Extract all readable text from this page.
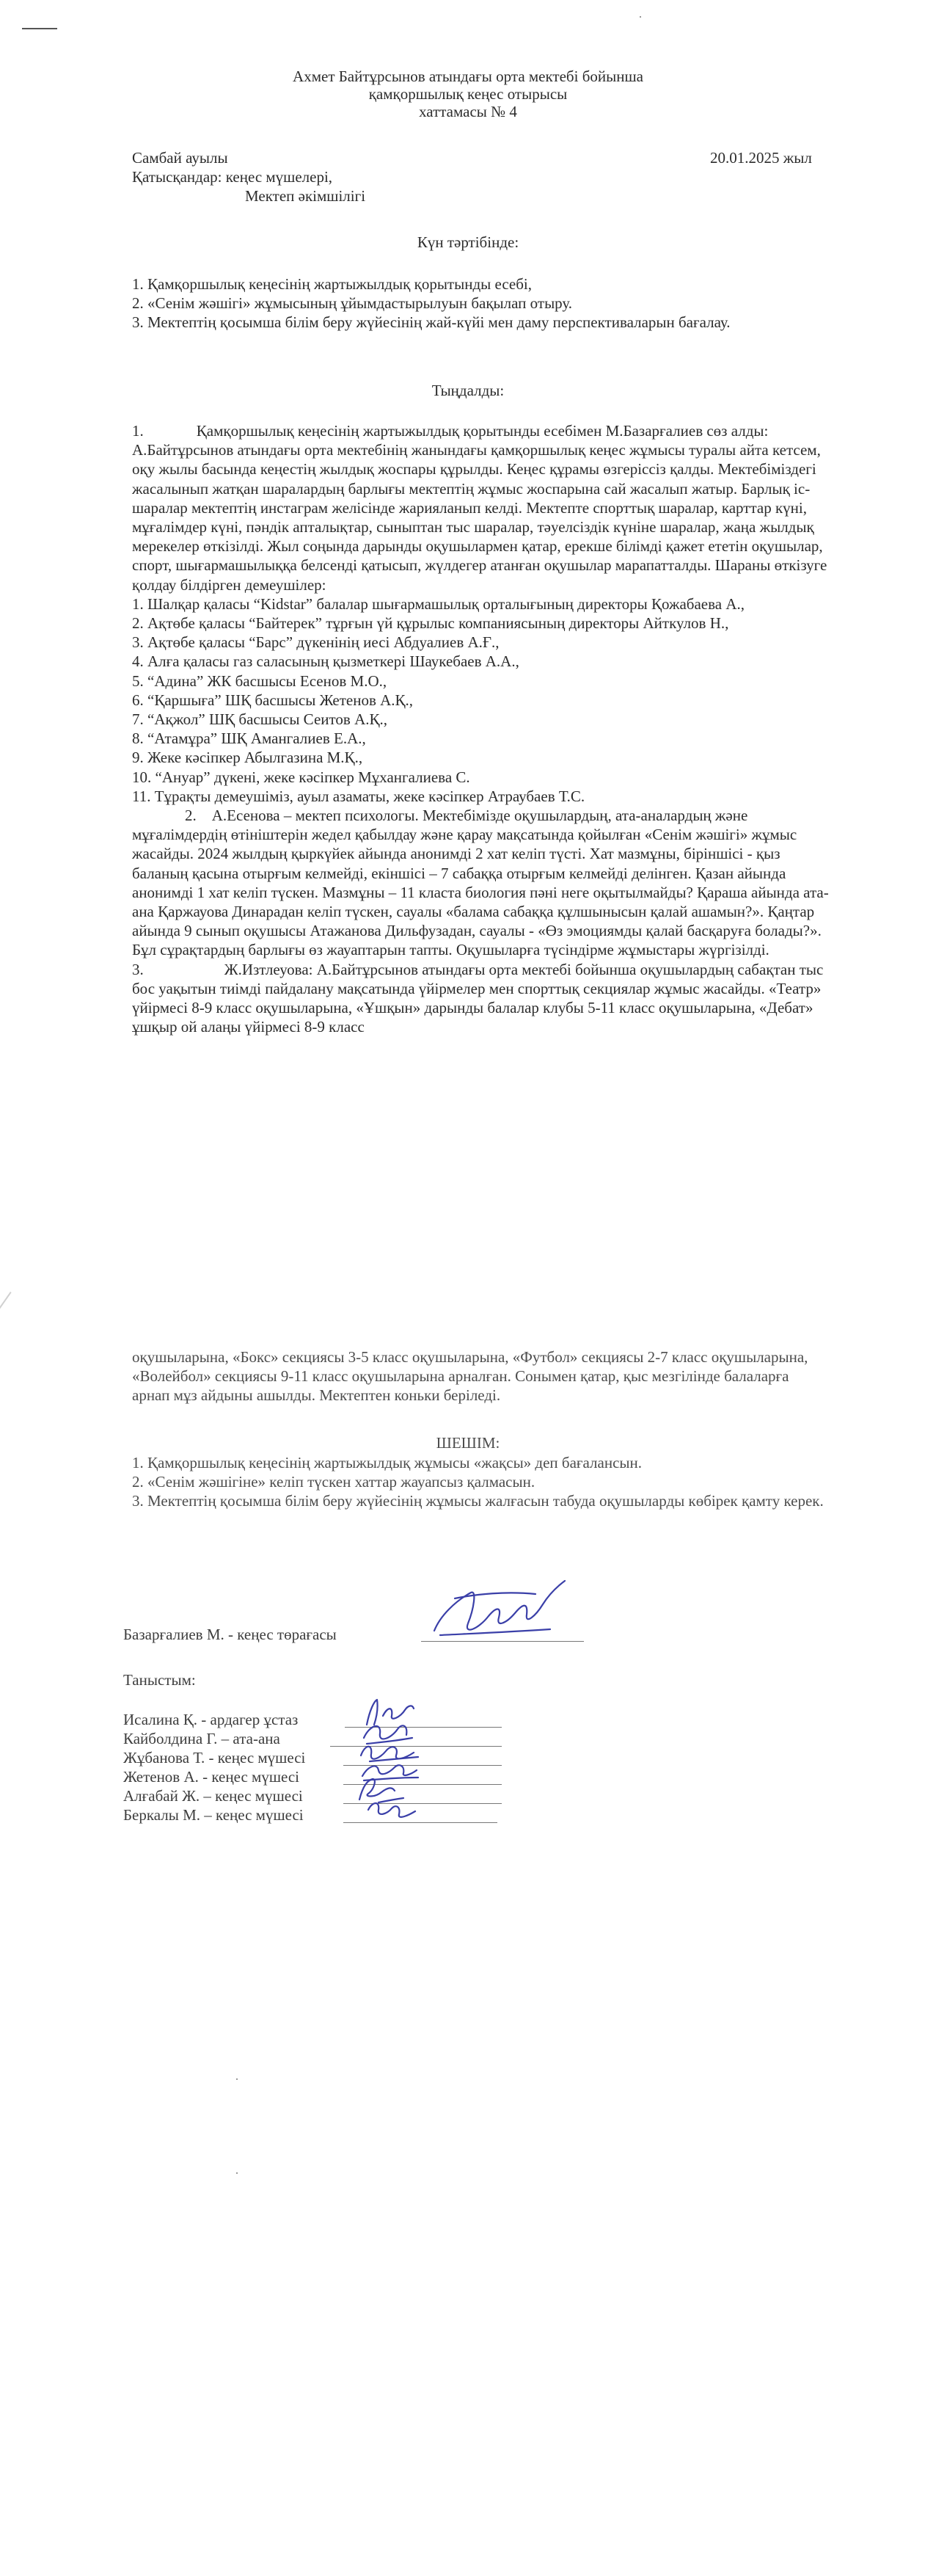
Ахмет Байтұрсынов атындағы орта мектебі бойынша
қамқоршылық кеңес отырысы
хаттамасы № 4
Самбай ауылы	20.01.2025 жыл
Қатысқандар: кеңес мүшелері,
Мектеп әкімшілігі
Күн тәртібінде:

1. Қамқоршылық кеңесінің жартыжылдық қорытынды есебі,

2. «Сенім жәшігі» жұмысының ұйымдастырылуын бақылап отыру.

3. Мектептің қосымша білім беру жүйесінің жай-күйі мен даму перспективаларын бағалау.

Тыңдалды:

1.	Қамқоршылық кеңесінің жартыжылдық қорытынды есебімен М.Базарғалиев сөз алды: А.Байтұрсынов атындағы орта мектебінің жанындағы қамқоршылық кеңес жұмысы туралы айта кетсем, оқу жылы басында кеңестің жылдық жоспары құрылды. Кеңес құрамы өзгеріссіз қалды. Мектебіміздегі жасалынып жатқан шаралардың барлығы мектептің жұмыс жоспарына сай жасалып жатыр. Барлық іс-шаралар мектептің инстаграм желісінде жарияланып келді. Мектепте спорттық шаралар, карттар күні, мұғалімдер күні, пәндік апталықтар, сыныптан тыс шаралар, тәуелсіздік күніне шаралар, жаңа жылдық мерекелер өткізілді. Жыл соңында дарынды оқушылармен қатар, ерекше білімді қажет ететін оқушылар, спорт, шығармашылыққа белсенді қатысып, жүлдегер атанған оқушылар марапатталды. Шараны өткізуге қолдау білдірген демеушілер:

1. Шалқар қаласы “Kidstar” балалар шығармашылық орталығының директоры Қожабаева А.,

2. Ақтөбе қаласы “Байтерек” тұрғын үй құрылыс компаниясының директоры Айткулов Н.,

3. Ақтөбе қаласы “Барс” дүкенінің иесі Абдуалиев А.Ғ.,

4. Алға қаласы газ саласының қызметкері Шаукебаев А.А.,

5. “Адина” ЖК басшысы Есенов М.О.,

6. “Қаршыға” ШҚ басшысы Жетенов А.Қ.,

7. “Ақжол” ШҚ басшысы Сеитов А.Қ.,

8. “Атамұра” ШҚ Амангалиев Е.А.,

9. Жеке кәсіпкер Абылгазина М.Қ.,

10. “Ануар” дүкені, жеке кәсіпкер Мұхангалиева С.

11. Тұрақты демеушіміз, ауыл азаматы, жеке кәсіпкер Атраубаев Т.С.

2. А.Есенова – мектеп психологы. Мектебімізде оқушылардың, ата-аналардың және мұғалімдердің өтініштерін жедел қабылдау және қарау мақсатында қойылған «Сенім жәшігі» жұмыс жасайды. 2024 жылдың қыркүйек айында анонимді 2 хат келіп түсті. Хат мазмұны, біріншісі - қыз баланың қасына отырғым келмейді, екіншісі – 7 сабаққа отырғым келмейді делінген. Қазан айында анонимді 1 хат келіп түскен. Мазмұны – 11 класта биология пәні неге оқытылмайды? Қараша айында ата-ана Қаржауова Динарадан келіп түскен, сауалы «балама сабаққа құлшынысын қалай ашамын?». Қаңтар айында 9 сынып оқушысы Атажанова Дильфузадан, сауалы - «Өз эмоциямды қалай басқаруға болады?». Бұл сұрақтардың барлығы өз жауаптарын тапты. Оқушыларға түсіндірме жұмыстары жүргізілді.

3.	Ж.Изтлеуова: А.Байтұрсынов атындағы орта мектебі бойынша оқушылардың сабақтан тыс бос уақытын тиімді пайдалану мақсатында үйірмелер мен спорттық секциялар жұмыс жасайды. «Театр» үйірмесі 8-9 класс оқушыларына, «Ұшқын» дарынды балалар клубы 5-11 класс оқушыларына, «Дебат» ұшқыр ой алаңы үйірмесі 8-9 класс

оқушыларына, «Бокс» секциясы 3-5 класс оқушыларына, «Футбол» секциясы 2-7 класс оқушыларына, «Волейбол» секциясы 9-11 класс оқушыларына арналған. Сонымен қатар, қыс мезгілінде балаларға арнап мұз айдыны ашылды. Мектептен коньки беріледі.
ШЕШІМ:

1. Қамқоршылық кеңесінің жартыжылдық жұмысы «жақсы» деп бағалансын.

2. «Сенім жәшігіне» келіп түскен хаттар жауапсыз қалмасын.

3. Мектептің қосымша білім беру жүйесінің жұмысы жалғасын табуда оқушыларды көбірек қамту керек.

Базарғалиев М. - кеңес төрағасы
Таныстым:
Исалина Қ. - ардагер ұстаз
Кайболдина Г. – ата-ана
Жұбанова Т. - кеңес мүшесі
Жетенов А. - кеңес мүшесі
Алғабай Ж. – кеңес мүшесі
Беркалы М. – кеңес мүшесі
